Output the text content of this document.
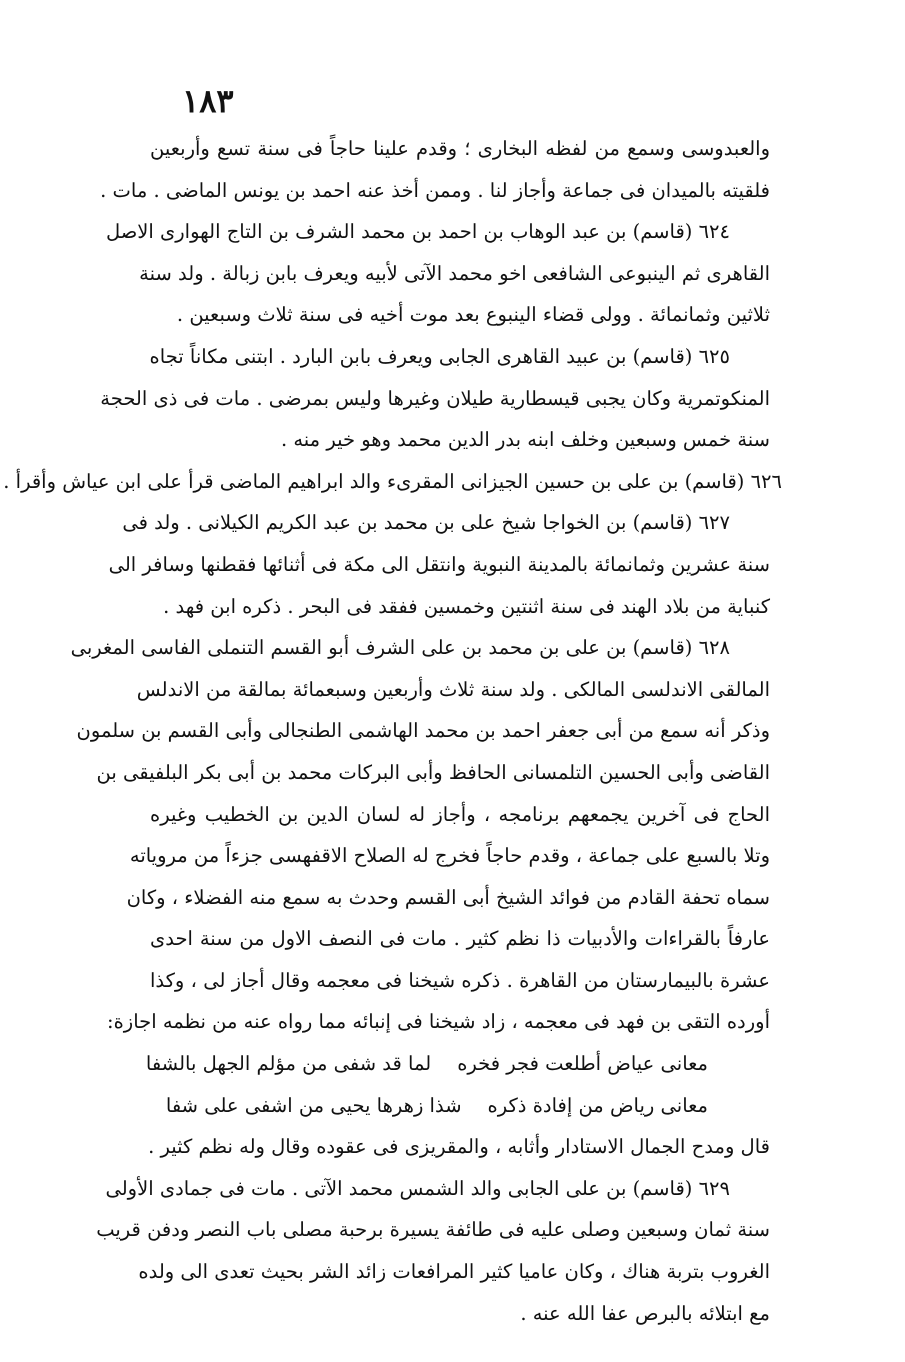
١٨٣
والعبدوسى وسمع من لفظه البخارى ؛ وقدم علينا حاجاً فى سنة تسع وأربعين
فلقيته بالميدان فى جماعة وأجاز لنا . وممن أخذ عنه احمد بن يونس الماضى . مات .
٦٢٤ (قاسم) بن عبد الوهاب بن احمد بن محمد الشرف بن التاج الهوارى الاصل
القاهرى ثم الينبوعى الشافعى اخو محمد الآتى لأبيه ويعرف بابن زبالة . ولد سنة
ثلاثين وثمانمائة . وولى قضاء الينبوع بعد موت أخيه فى سنة ثلاث وسبعين .
٦٢٥ (قاسم) بن عبيد القاهرى الجابى ويعرف بابن البارد . ابتنى مكاناً تجاه
المنكوتمرية وكان يجبى قيسطارية طيلان وغيرها وليس بمرضى . مات فى ذى الحجة
سنة خمس وسبعين وخلف ابنه بدر الدين محمد وهو خير منه .
٦٢٦ (قاسم) بن على بن حسين الجيزانى المقرىء والد ابراهيم الماضى قرأ على ابن عياش وأقرأ .
٦٢٧ (قاسم) بن الخواجا شيخ على بن محمد بن عبد الكريم الكيلانى . ولد فى
سنة عشرين وثمانمائة بالمدينة النبوية وانتقل الى مكة فى أثنائها فقطنها وسافر الى
كنباية من بلاد الهند فى سنة اثنتين وخمسين ففقد فى البحر . ذكره ابن فهد .
٦٢٨ (قاسم) بن على بن محمد بن على الشرف أبو القسم التنملى الفاسى المغربى
المالقى الاندلسى المالكى . ولد سنة ثلاث وأربعين وسبعمائة بمالقة من الاندلس
وذكر أنه سمع من أبى جعفر احمد بن محمد الهاشمى الطنجالى وأبى القسم بن سلمون
القاضى وأبى الحسين التلمسانى الحافظ وأبى البركات محمد بن أبى بكر البلفيقى بن
الحاج فى آخرين يجمعهم برنامجه ، وأجاز له لسان الدين بن الخطيب وغيره
وتلا بالسبع على جماعة ، وقدم حاجاً فخرج له الصلاح الاقفهسى جزءاً من مروياته
سماه تحفة القادم من فوائد الشيخ أبى القسم وحدث به سمع منه الفضلاء ، وكان
عارفاً بالقراءات والأدبيات ذا نظم كثير . مات فى النصف الاول من سنة احدى
عشرة بالبيمارستان من القاهرة . ذكره شيخنا فى معجمه وقال أجاز لى ، وكذا
أورده التقى بن فهد فى معجمه ، زاد شيخنا فى إنبائه مما رواه عنه من نظمه اجازة:
معانى عياض أطلعت فجر فخره
لما قد شفى من مؤلم الجهل بالشفا
معانى رياض من إفادة ذكره
شذا زهرها يحيى من اشفى على شفا
قال ومدح الجمال الاستادار وأثابه ، والمقريزى فى عقوده وقال وله نظم كثير .
٦٢٩ (قاسم) بن على الجابى والد الشمس محمد الآتى . مات فى جمادى الأولى
سنة ثمان وسبعين وصلى عليه فى طائفة يسيرة برحبة مصلى باب النصر ودفن قريب
الغروب بتربة هناك ، وكان عاميا كثير المرافعات زائد الشر بحيث تعدى الى ولده
مع ابتلائه بالبرص عفا الله عنه .
